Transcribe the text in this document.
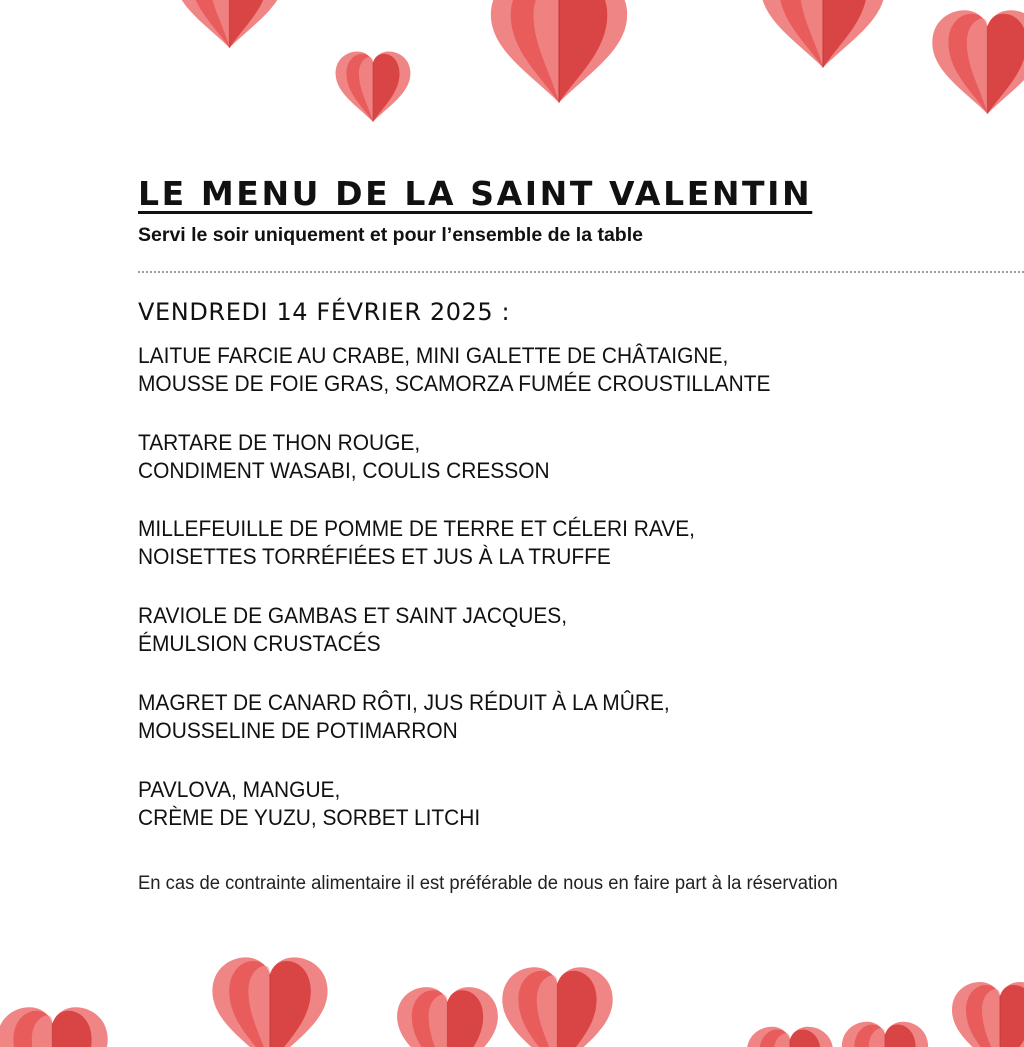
LE MENU DE LA SAINT VALENTIN

Servi le soir uniquement et pour l’ensemble de la table

VENDREDI 14 FÉVRIER 2025 :

LAITUE FARCIE AU CRABE, MINI GALETTE DE CHÂTAIGNE,
MOUSSE DE FOIE GRAS, SCAMORZA FUMÉE CROUSTILLANTE

TARTARE DE THON ROUGE,
CONDIMENT WASABI, COULIS CRESSON

MILLEFEUILLE DE POMME DE TERRE ET CÉLERI RAVE,
NOISETTES TORRÉFIÉES ET JUS À LA TRUFFE

RAVIOLE DE GAMBAS ET SAINT JACQUES,
ÉMULSION CRUSTACÉS

MAGRET DE CANARD RÔTI, JUS RÉDUIT À LA MÛRE,
MOUSSELINE DE POTIMARRON

PAVLOVA, MANGUE,
CRÈME DE YUZU, SORBET LITCHI

En cas de contrainte alimentaire il est préférable de nous en faire part à la réservation
